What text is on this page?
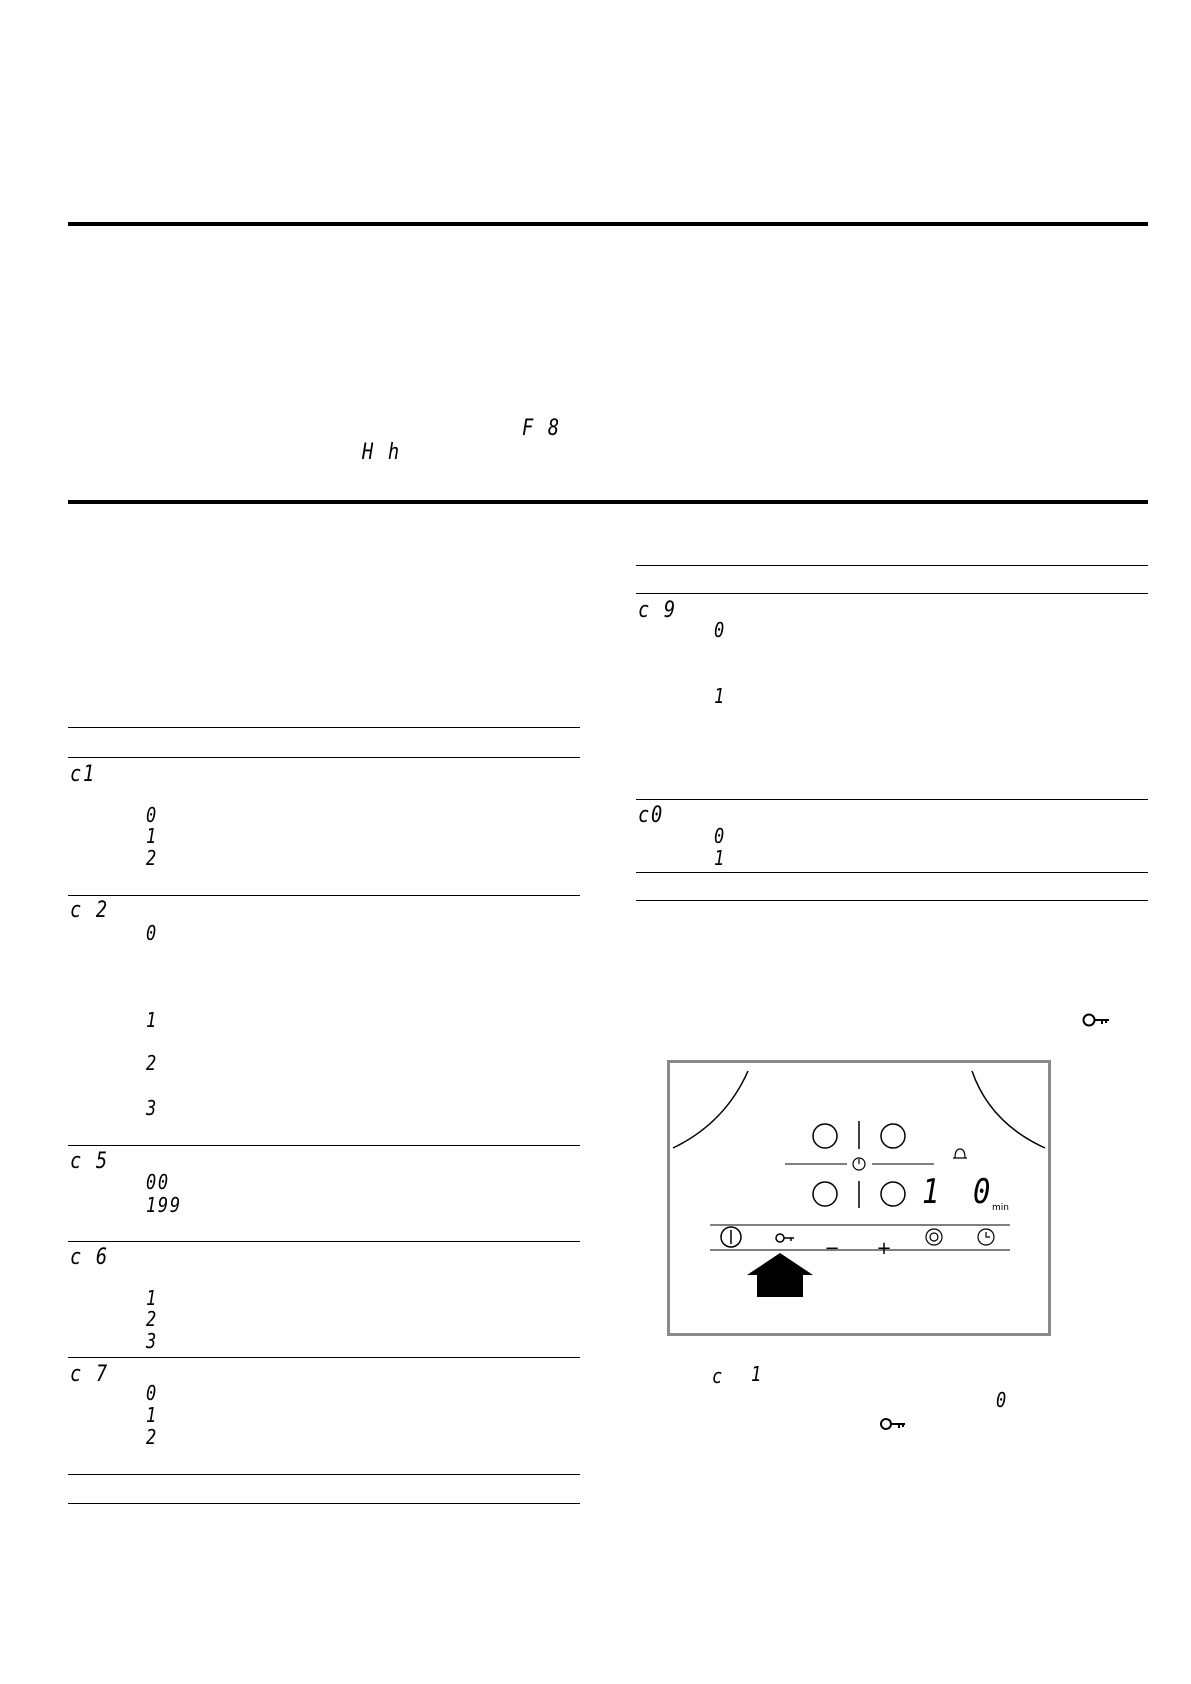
F 8
H h
c1
0
1
2
c 2
0
1
2
3
c 5
00
199
c 6
1
2
3
c 7
0
1
2
c 9
0
1
c0
0
1
1 0 min
−	+
c 1
0
